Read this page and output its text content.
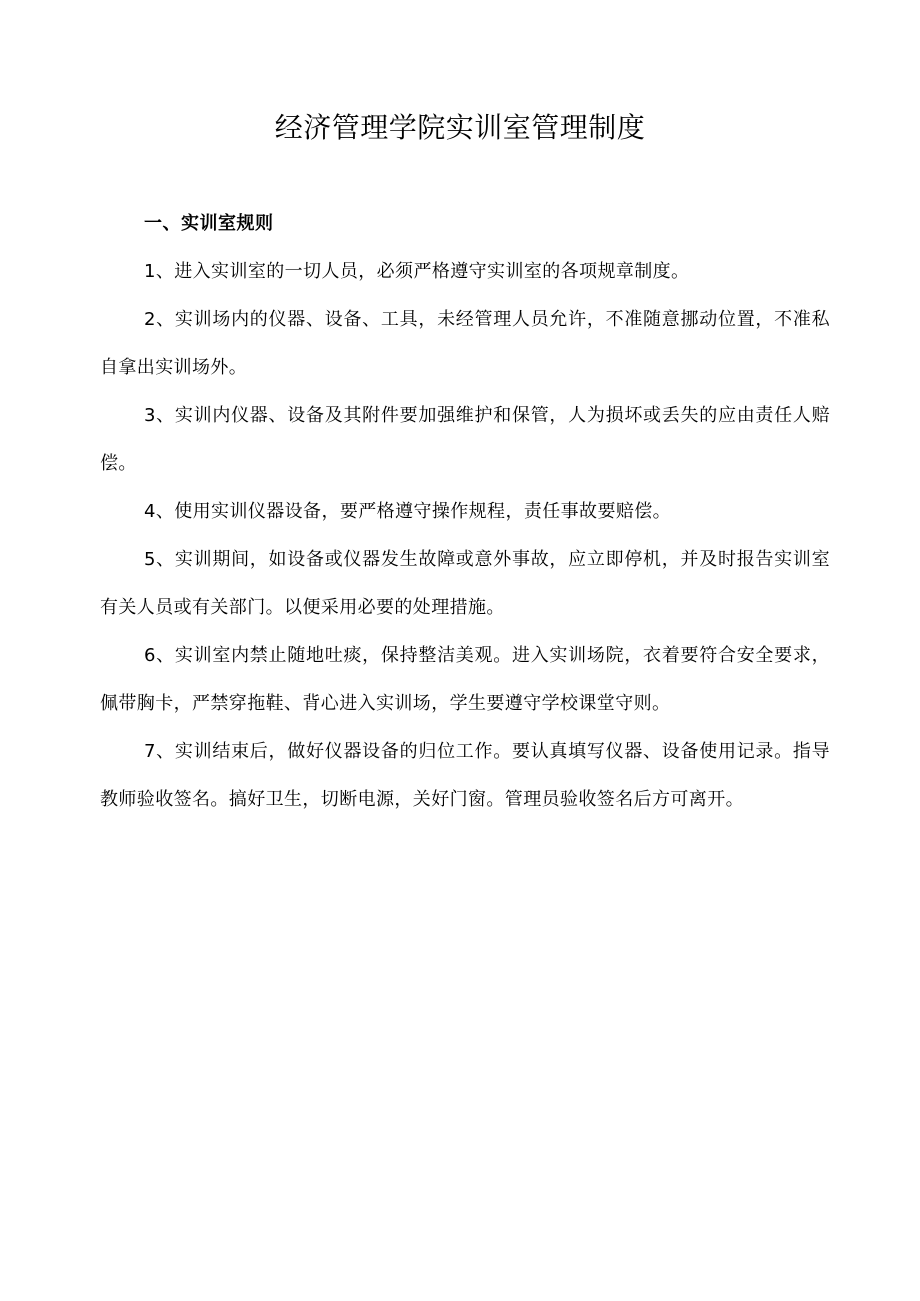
经济管理学院实训室管理制度

一、实训室规则

1、进入实训室的一切人员，必须严格遵守实训室的各项规章制度。

2、实训场内的仪器、设备、工具，未经管理人员允许，不准随意挪动位置，不准私自拿出实训场外。

3、实训内仪器、设备及其附件要加强维护和保管，人为损坏或丢失的应由责任人赔偿。

4、使用实训仪器设备，要严格遵守操作规程，责任事故要赔偿。

5、实训期间，如设备或仪器发生故障或意外事故，应立即停机，并及时报告实训室有关人员或有关部门。以便采用必要的处理措施。

6、实训室内禁止随地吐痰，保持整洁美观。进入实训场院，衣着要符合安全要求，佩带胸卡，严禁穿拖鞋、背心进入实训场，学生要遵守学校课堂守则。

7、实训结束后，做好仪器设备的归位工作。要认真填写仪器、设备使用记录。指导教师验收签名。搞好卫生，切断电源，关好门窗。管理员验收签名后方可离开。
